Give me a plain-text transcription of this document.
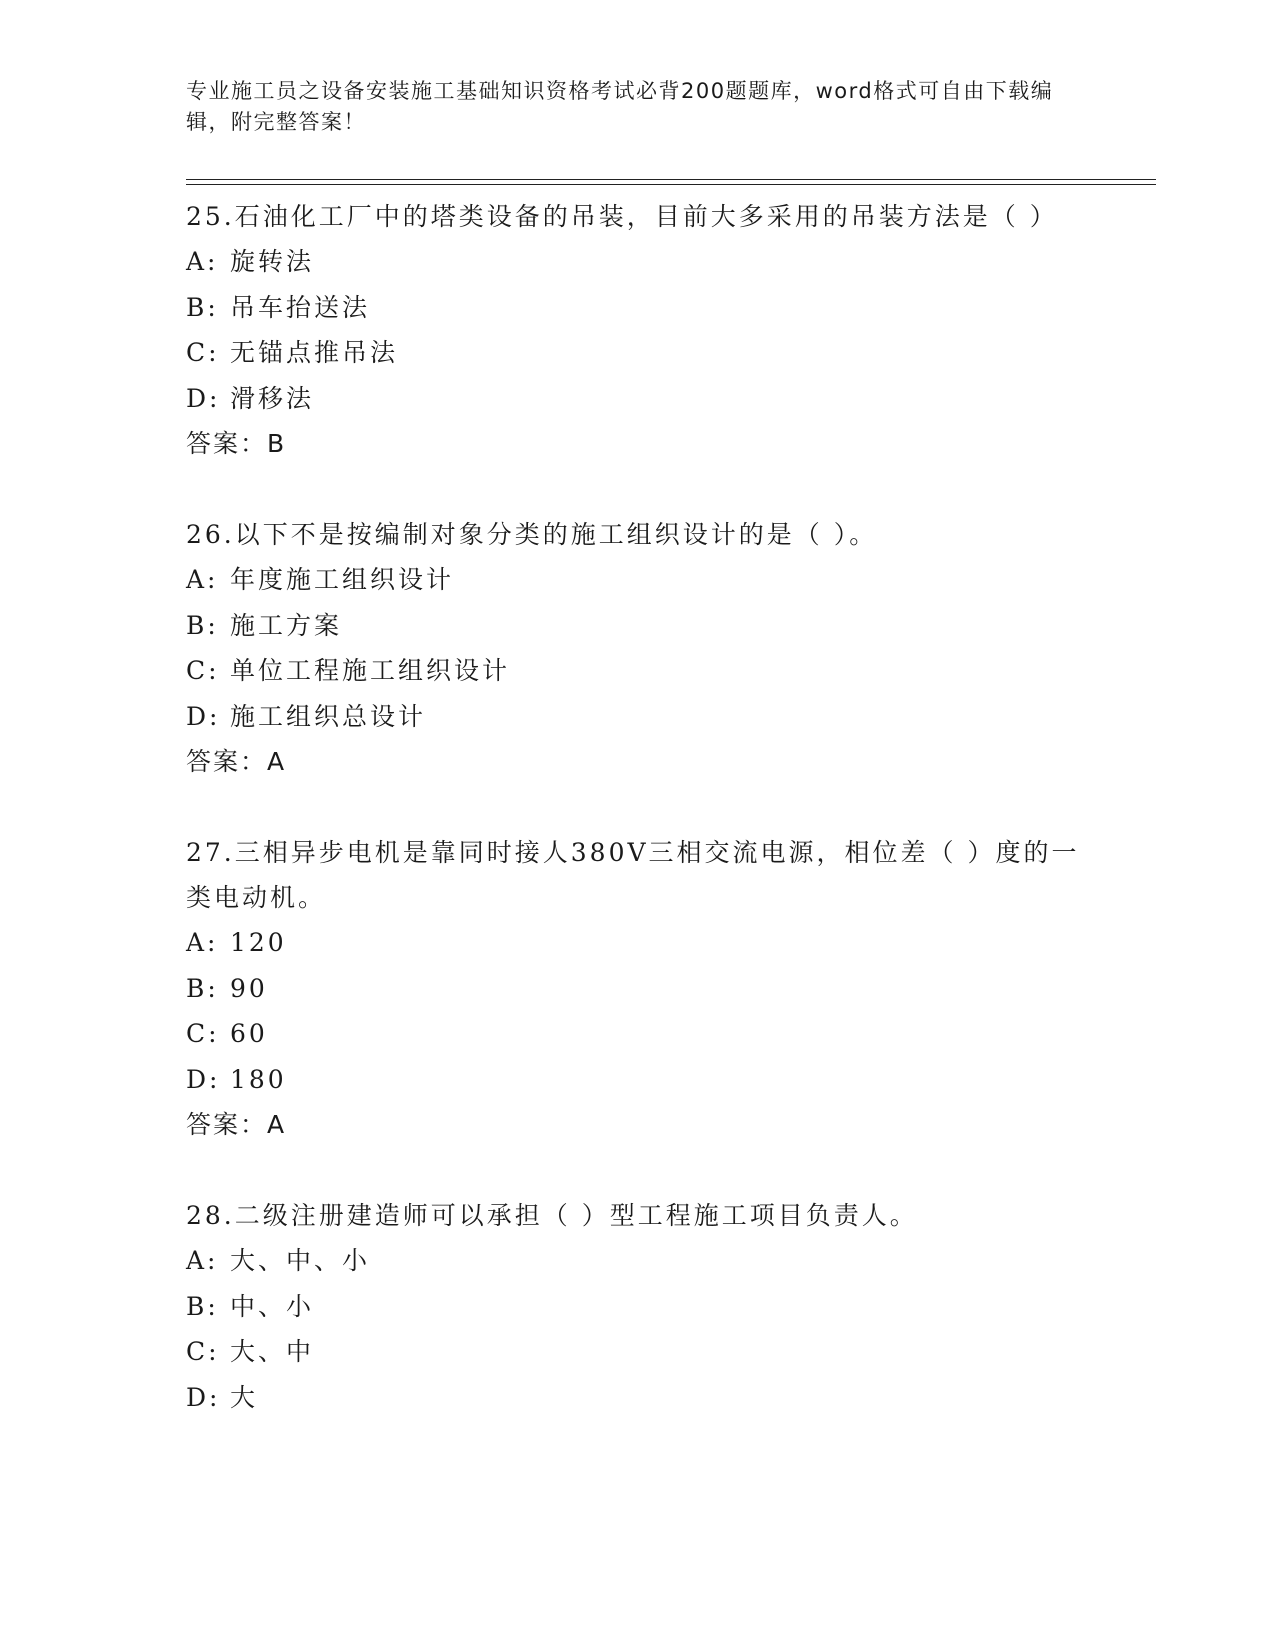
专业施工员之设备安装施工基础知识资格考试必背200题题库，word格式可自由下载编辑，附完整答案！

25.石油化工厂中的塔类设备的吊装，目前大多采用的吊装方法是（ ）

A: 旋转法

B: 吊车抬送法

C: 无锚点推吊法

D: 滑移法

答案：B

26.以下不是按编制对象分类的施工组织设计的是（ ）。

A: 年度施工组织设计

B: 施工方案

C: 单位工程施工组织设计

D: 施工组织总设计

答案：A

27.三相异步电机是靠同时接人380V三相交流电源，相位差（ ）度的一类电动机。

A: 120

B: 90

C: 60

D: 180

答案：A

28.二级注册建造师可以承担（ ）型工程施工项目负责人。

A: 大、中、小

B: 中、小

C: 大、中

D: 大
